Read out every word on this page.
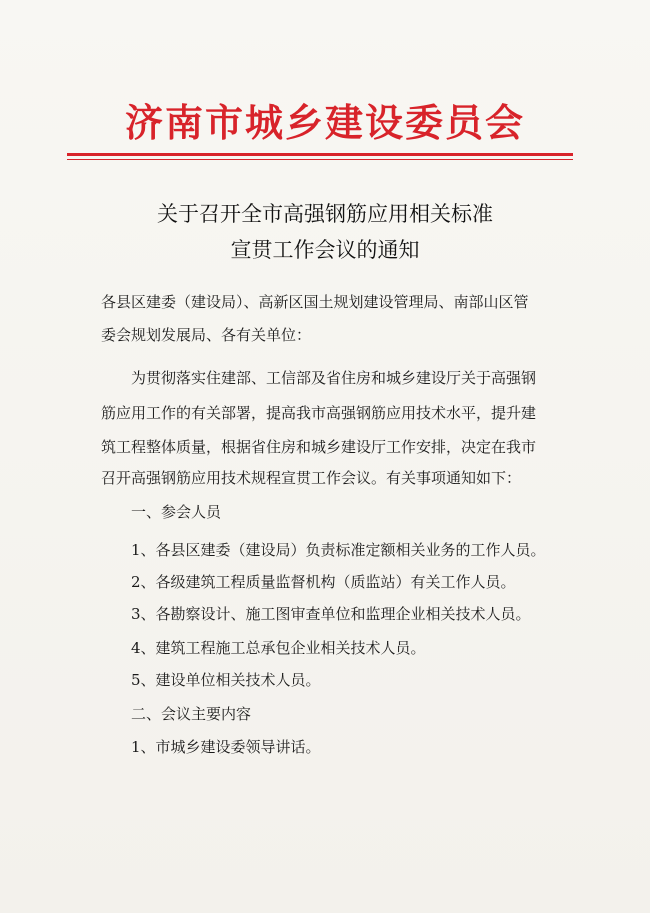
济南市城乡建设委员会
关于召开全市高强钢筋应用相关标准
宣贯工作会议的通知
各县区建委（建设局）、高新区国土规划建设管理局、南部山区管
委会规划发展局、各有关单位：
为贯彻落实住建部、工信部及省住房和城乡建设厅关于高强钢
筋应用工作的有关部署，提高我市高强钢筋应用技术水平，提升建
筑工程整体质量，根据省住房和城乡建设厅工作安排，决定在我市
召开高强钢筋应用技术规程宣贯工作会议。有关事项通知如下：
一、参会人员
1、各县区建委（建设局）负责标准定额相关业务的工作人员。
2、各级建筑工程质量监督机构（质监站）有关工作人员。
3、各勘察设计、施工图审查单位和监理企业相关技术人员。
4、建筑工程施工总承包企业相关技术人员。
5、建设单位相关技术人员。
二、会议主要内容
1、市城乡建设委领导讲话。
